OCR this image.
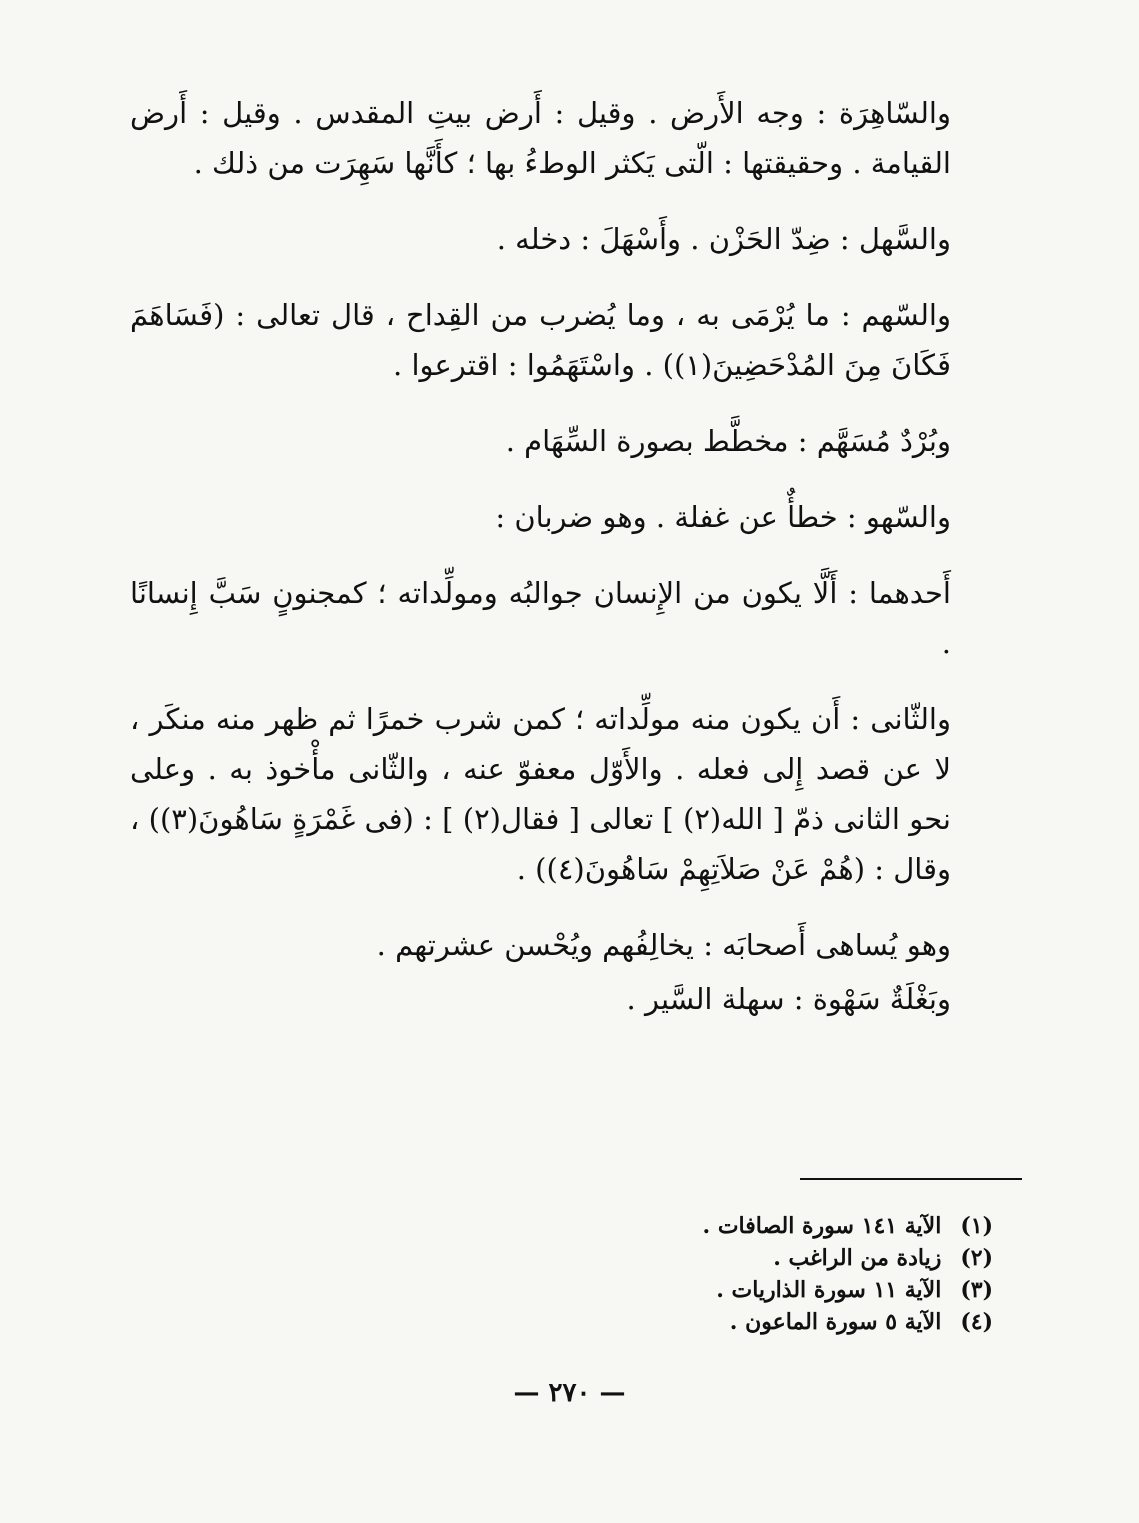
والسّاهِرَة : وجه الأَرض . وقيل : أَرض بيتِ المقدس . وقيل : أَرض القيامة . وحقيقتها : الّتى يَكثر الوطءُ بها ؛ كأَنَّها سَهِرَت من ذلك .

والسَّهل : ضِدّ الحَزْن . وأَسْهَلَ : دخله .

والسّهم : ما يُرْمَى به ، وما يُضرب من القِداح ، قال تعالى : (فَسَاهَمَ فَكَانَ مِنَ المُدْحَضِينَ(١)) . واسْتَهَمُوا : اقترعوا .

وبُرْدٌ مُسَهَّم : مخطَّط بصورة السِّهَام .

والسّهو : خطأٌ عن غفلة . وهو ضربان :

أَحدهما : أَلَّا يكون من الإِنسان جوالبُه ومولِّداته ؛ كمجنونٍ سَبَّ إِنسانًا .

والثّانى : أَن يكون منه مولِّداته ؛ كمن شرب خمرًا ثم ظهر منه منكَر ، لا عن قصد إِلى فعله . والأَوّل معفوّ عنه ، والثّانى مأْخوذ به . وعلى نحو الثانى ذمّ [ الله(٢) ] تعالى [ فقال(٢) ] : (فى غَمْرَةٍ سَاهُونَ(٣)) ، وقال : (هُمْ عَنْ صَلاَتِهِمْ سَاهُونَ(٤)) .

وهو يُساهى أَصحابَه : يخالِفُهم ويُحْسن عشرتهم .

وبَغْلَةٌ سَهْوة : سهلة السَّير .

(١) الآية ١٤١ سورة الصافات .
(٢) زيادة من الراغب .
(٣) الآية ١١ سورة الذاريات .
(٤) الآية ٥ سورة الماعون .
— ٢٧٠ —
